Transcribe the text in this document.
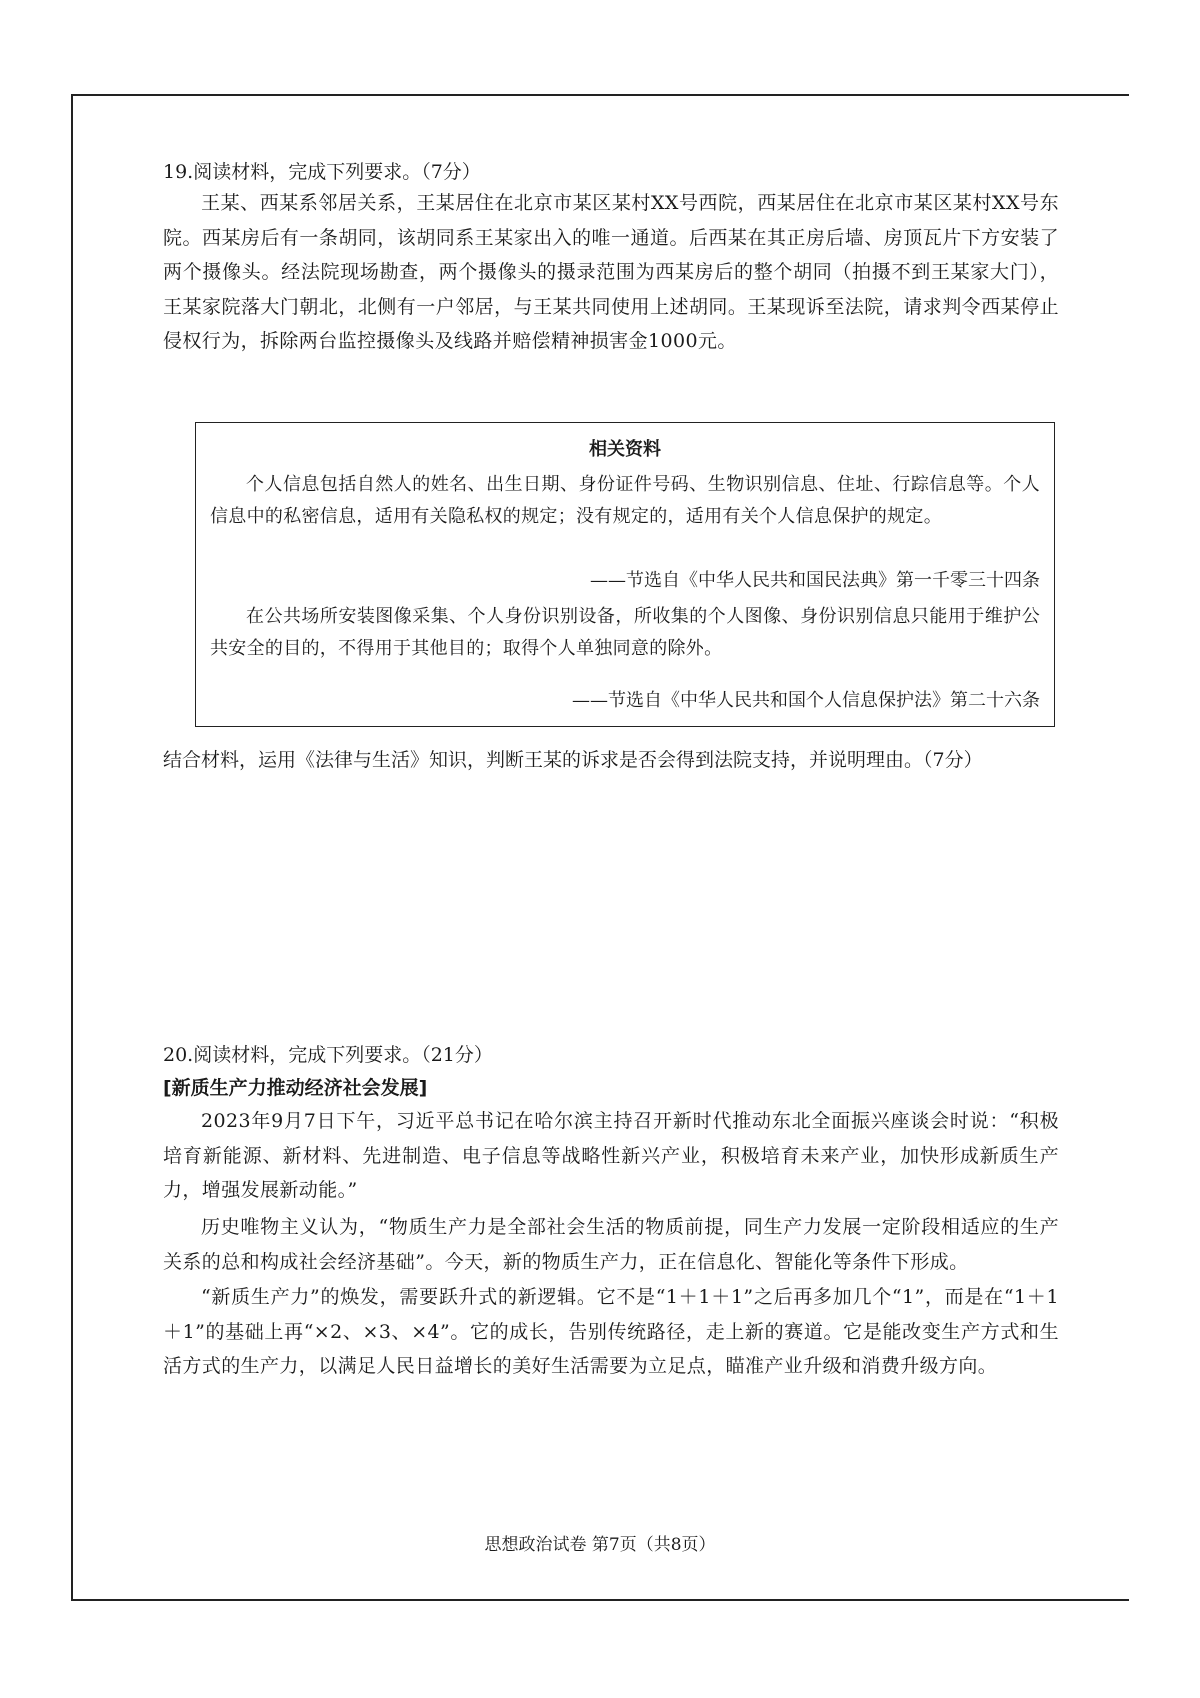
19.阅读材料，完成下列要求。（7分）
王某、西某系邻居关系，王某居住在北京市某区某村XX号西院，西某居住在北京市某区某村XX号东院。西某房后有一条胡同，该胡同系王某家出入的唯一通道。后西某在其正房后墙、房顶瓦片下方安装了两个摄像头。经法院现场勘查，两个摄像头的摄录范围为西某房后的整个胡同（拍摄不到王某家大门），王某家院落大门朝北，北侧有一户邻居，与王某共同使用上述胡同。王某现诉至法院，请求判令西某停止侵权行为，拆除两台监控摄像头及线路并赔偿精神损害金1000元。
相关资料
个人信息包括自然人的姓名、出生日期、身份证件号码、生物识别信息、住址、行踪信息等。个人信息中的私密信息，适用有关隐私权的规定；没有规定的，适用有关个人信息保护的规定。
——节选自《中华人民共和国民法典》第一千零三十四条
在公共场所安装图像采集、个人身份识别设备，所收集的个人图像、身份识别信息只能用于维护公共安全的目的，不得用于其他目的；取得个人单独同意的除外。
——节选自《中华人民共和国个人信息保护法》第二十六条
结合材料，运用《法律与生活》知识，判断王某的诉求是否会得到法院支持，并说明理由。（7分）
20.阅读材料，完成下列要求。（21分）
[新质生产力推动经济社会发展]
2023年9月7日下午，习近平总书记在哈尔滨主持召开新时代推动东北全面振兴座谈会时说：“积极培育新能源、新材料、先进制造、电子信息等战略性新兴产业，积极培育未来产业，加快形成新质生产力，增强发展新动能。”
历史唯物主义认为，“物质生产力是全部社会生活的物质前提，同生产力发展一定阶段相适应的生产关系的总和构成社会经济基础”。今天，新的物质生产力，正在信息化、智能化等条件下形成。
“新质生产力”的焕发，需要跃升式的新逻辑。它不是“1＋1＋1”之后再多加几个“1”，而是在“1＋1＋1”的基础上再“×2、×3、×4”。它的成长，告别传统路径，走上新的赛道。它是能改变生产方式和生活方式的生产力，以满足人民日益增长的美好生活需要为立足点，瞄准产业升级和消费升级方向。
思想政治试卷 第7页（共8页）
